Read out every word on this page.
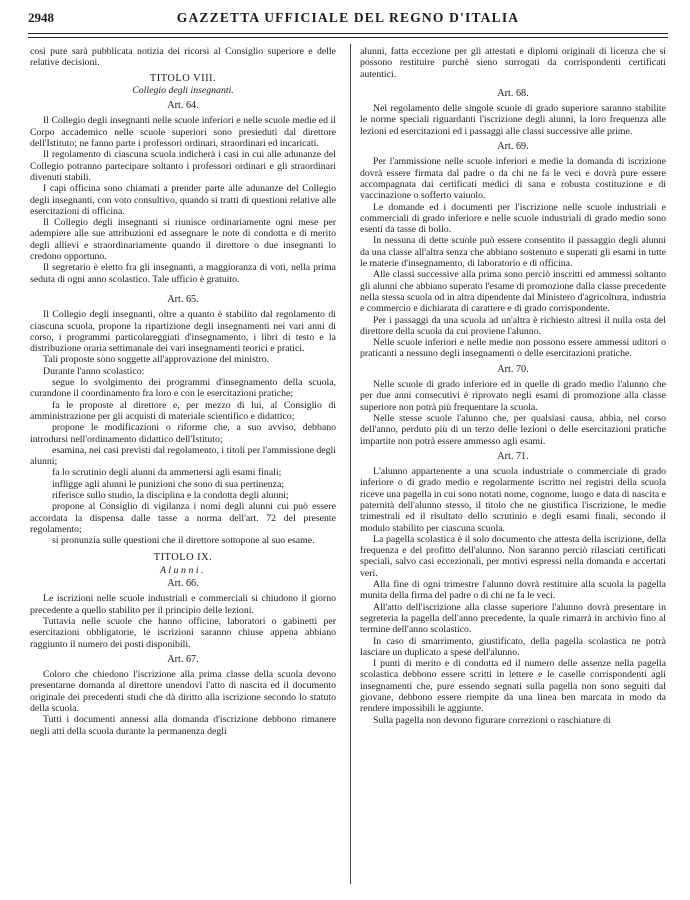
2948	GAZZETTA UFFICIALE DEL REGNO D'ITALIA

così pure sarà pubblicata notizia dei ricorsi al Consiglio superiore e delle relative decisioni.

TITOLO VIII.
Collegio degli insegnanti.
Art. 64.

Il Collegio degli insegnanti nelle scuole inferiori e nelle scuole medie ed il Corpo accademico nelle scuole superiori sono presieduti dal direttore dell'Istituto; ne fanno parte i professori ordinari, straordinari ed incaricati.

Il regolamento di ciascuna scuola indicherà i casi in cui alle adunanze del Collegio potranno partecipare soltanto i professori ordinari e gli straordinari divenuti stabili.

I capi officina sono chiamati a prender parte alle adunanze del Collegio degli insegnanti, con voto consultivo, quando si tratti di questioni relative alle esercitazioni di officina.

Il Collegio degli insegnanti si riunisce ordinariamente ogni mese per adempiere alle sue attribuzioni ed assegnare le note di condotta e di merito degli allievi e straordinariamente quando il direttore o due insegnanti lo credono opportuno.

Il segretario è eletto fra gli insegnanti, a maggioranza di voti, nella prima seduta di ogni anno scolastico. Tale ufficio è gratuito.

Art. 65.

Il Collegio degli insegnanti, oltre a quanto è stabilito dal regolamento di ciascuna scuola, propone la ripartizione degli insegnamenti nei vari anni di corso, i programmi particolareggiati d'insegnamento, i libri di testo e la distribuzione oraria settimanale dei vari insegnamenti teorici e pratici.

Tali proposte sono soggette all'approvazione del ministro.

Durante l'anno scolastico:

segue lo svolgimento dei programmi d'insegnamento della scuola, curandone il coordinamento fra loro e con le esercitazioni pratiche;

fa le proposte al direttore e, per mezzo di lui, al Consiglio di amministrazione per gli acquisti di materiale scientifico e didattico;

propone le modificazioni o riforme che, a suo avviso, debbano introdursi nell'ordinamento didattico dell'Istituto;

esamina, nei casi previsti dal regolamento, i titoli per l'ammissione degli alunni;

fa lo scrutinio degli alunni da ammettersi agli esami finali;

infligge agli alunni le punizioni che sono di sua pertinenza;

riferisce sullo studio, la disciplina e la condotta degli alunni;

propone al Consiglio di vigilanza i nomi degli alunni cui può essere accordata la dispensa dalle tasse a norma dell'art. 72 del presente regolamento;

si pronunzia sulle questioni che il direttore sottopone al suo esame.

TITOLO IX.
Alunni.
Art. 66.

Le iscrizioni nelle scuole industriali e commerciali si chiudono il giorno precedente a quello stabilito per il principio delle lezioni.

Tuttavia nelle scuole che hanno officine, laboratori o gabinetti per esercitazioni obbligatorie, le iscrizioni saranno chiuse appena abbiano raggiunto il numero dei posti disponibili.

Art. 67.

Coloro che chiedono l'iscrizione alla prima classe della scuola devono presentarne domanda al direttore unendovi l'atto di nascita ed il documento originale dei precedenti studi che dà diritto alla iscrizione secondo lo statuto della scuola.

Tutti i documenti annessi alla domanda d'iscrizione debbono rimanere negli atti della scuola durante la permanenza degli

alunni, fatta eccezione per gli attestati e diplomi originali di licenza che si possono restituire purchè sieno surrogati da corrispondenti certificati autentici.

Art. 68.

Nel regolamento delle singole scuole di grado superiore saranno stabilite le norme speciali riguardanti l'iscrizione degli alunni, la loro frequenza alle lezioni ed esercitazioni ed i passaggi alle classi successive alle prime.

Art. 69.

Per l'ammissione nelle scuole inferiori e medie la domanda di iscrizione dovrà essere firmata dal padre o da chi ne fa le veci e dovrà pure essere accompagnata dai certificati medici di sana e robusta costituzione e di vaccinazione o sofferto vaiuolo.

Le domande ed i documenti per l'iscrizione nelle scuole industriali e commerciali di grado inferiore e nelle scuole industriali di grado medio sono esenti da tasse di bollo.

In nessuna di dette scuole può essere consentito il passaggio degli alunni da una classe all'altra senza che abbiano sostenuto e superati gli esami in tutte le materie d'insegnamento, di laboratorio e di officina.

Alle classi successive alla prima sono perciò inscritti ed ammessi soltanto gli alunni che abbiano superato l'esame di promozione dalla classe precedente nella stessa scuola od in altra dipendente dal Ministero d'agricoltura, industria e commercio e dichiarata di carattere e di grado corrispondente.

Per i passaggi da una scuola ad un'altra è richiesto altresì il nulla osta del direttore della scuola da cui proviene l'alunno.

Nelle scuole inferiori e nelle medie non possono essere ammessi uditori o praticanti a nessuno degli insegnamenti o delle esercitazioni pratiche.

Art. 70.

Nelle scuole di grado inferiore ed in quelle di grado medio l'alunno che per due anni consecutivi è riprovato negli esami di promozione alla classe superiore non potrà più frequentare la scuola.

Nelle stesse scuole l'alunno che, per qualsiasi causa, abbia, nel corso dell'anno, perduto più di un terzo delle lezioni o delle esercitazioni pratiche impartite non potrà essere ammesso agli esami.

Art. 71.

L'alunno appartenente a una scuola industriale o commerciale di grado inferiore o di grado medio e regolarmente iscritto nei registri della scuola riceve una pagella in cui sono notati nome, cognome, luogo e data di nascita e paternità dell'alunno stesso, il titolo che ne giustifica l'iscrizione, le medie trimestrali ed il risultato dello scrutinio e degli esami finali, secondo il modulo stabilito per ciascuna scuola.

La pagella scolastica è il solo documento che attesta della iscrizione, della frequenza e del profitto dell'alunno. Non saranno perciò rilasciati certificati speciali, salvo casi eccezionali, per motivi espressi nella domanda e accertati veri.

Alla fine di ogni trimestre l'alunno dovrà restituire alla scuola la pagella munita della firma del padre o di chi ne fa le veci.

All'atto dell'iscrizione alla classe superiore l'alunno dovrà presentare in segreteria la pagella dell'anno precedente, la quale rimarrà in archivio fino al termine dell'anno scolastico.

In caso di smarrimento, giustificato, della pagella scolastica ne potrà lasciare un duplicato a spese dell'alunno.

I punti di merito e di condotta ed il numero delle assenze nella pagella scolastica debbono essere scritti in lettere e le caselle corrispondenti agli insegnamenti che, pure essendo segnati sulla pagella non sono seguiti dal giovane, debbono essere riempite da una linea ben marcata in modo da rendere impossibili le aggiunte.

Sulla pagella non devono figurare correzioni o raschiature di
